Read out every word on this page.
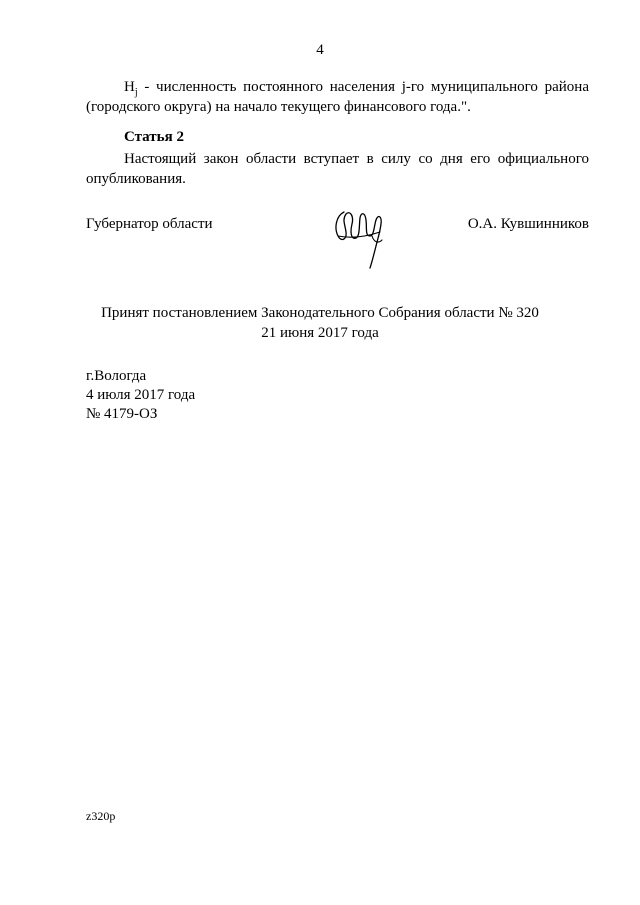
4
$H_j$ - численность постоянного населения j-го муниципального района
(городского округа) на начало текущего финансового года.".
Статья 2
Настоящий закон области вступает в силу со дня его официального
опубликования.
Губернатор области	О.А. Кувшинников
Принят постановлением Законодательного Собрания области № 320
21 июня 2017 года
г.Вологда
4 июля 2017 года
№ 4179-ОЗ
z320p
